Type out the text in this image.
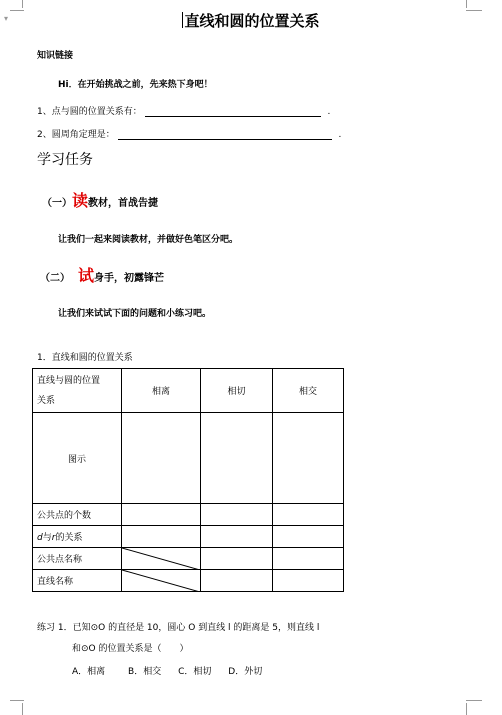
▾	直线和圆的位置关系
知识链接
Hi．在开始挑战之前，先来热下身吧！
1、点与圆的位置关系有：	.
2、圆周角定理是：	.
学习任务
（一）读教材，首战告捷
让我们一起来阅读教材，并做好色笔区分吧。
（二） 试身手，初露锋芒
让我们来试试下面的问题和小练习吧。
1．直线和圆的位置关系
直线与圆的位置
关系	相离	相切	相交
图示			
公共点的个数			
d与r的关系			
公共点名称	

直线名称	

练习 1．已知⊙O 的直径是 10，圆心 O 到直线 l 的距离是 5，则直线 l
和⊙O 的位置关系是（　　）
A．相离	B．相交 C．相切 D．外切
